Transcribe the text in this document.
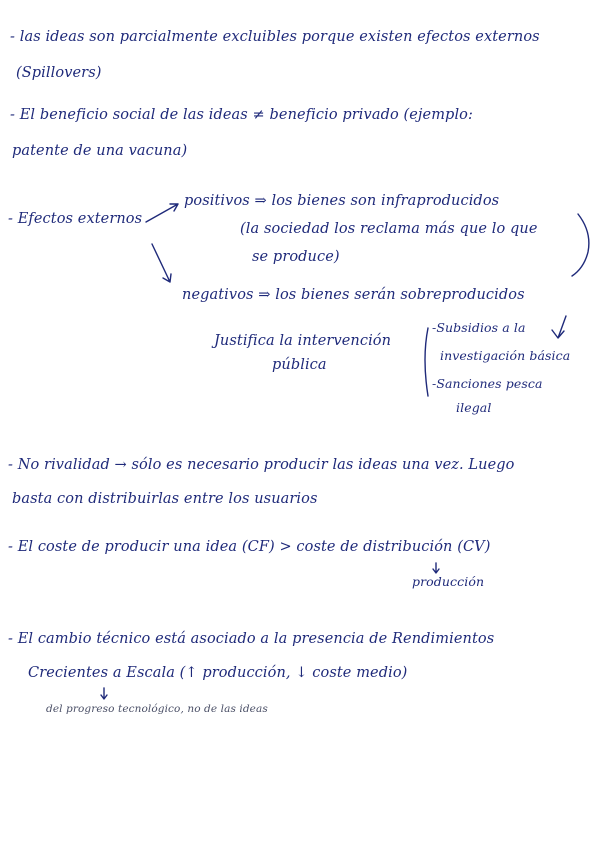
- las ideas son parcialmente excluibles porque existen efectos externos
(Spillovers)
- El beneficio social de las ideas ≠ beneficio privado (ejemplo:
patente de una vacuna)
- Efectos externos
positivos ⇒ los bienes son infraproducidos
(la sociedad los reclama más que lo que
se produce)
negativos ⇒ los bienes serán sobreproducidos
Justifica la intervención
pública
-Subsidios a la
investigación básica
-Sanciones pesca
ilegal
- No rivalidad → sólo es necesario producir las ideas una vez. Luego
basta con distribuirlas entre los usuarios
- El coste de producir una idea (CF) > coste de distribución (CV)
producción
- El cambio técnico está asociado a la presencia de Rendimientos
Crecientes a Escala (↑ producción, ↓ coste medio)
del progreso tecnológico, no de las ideas
